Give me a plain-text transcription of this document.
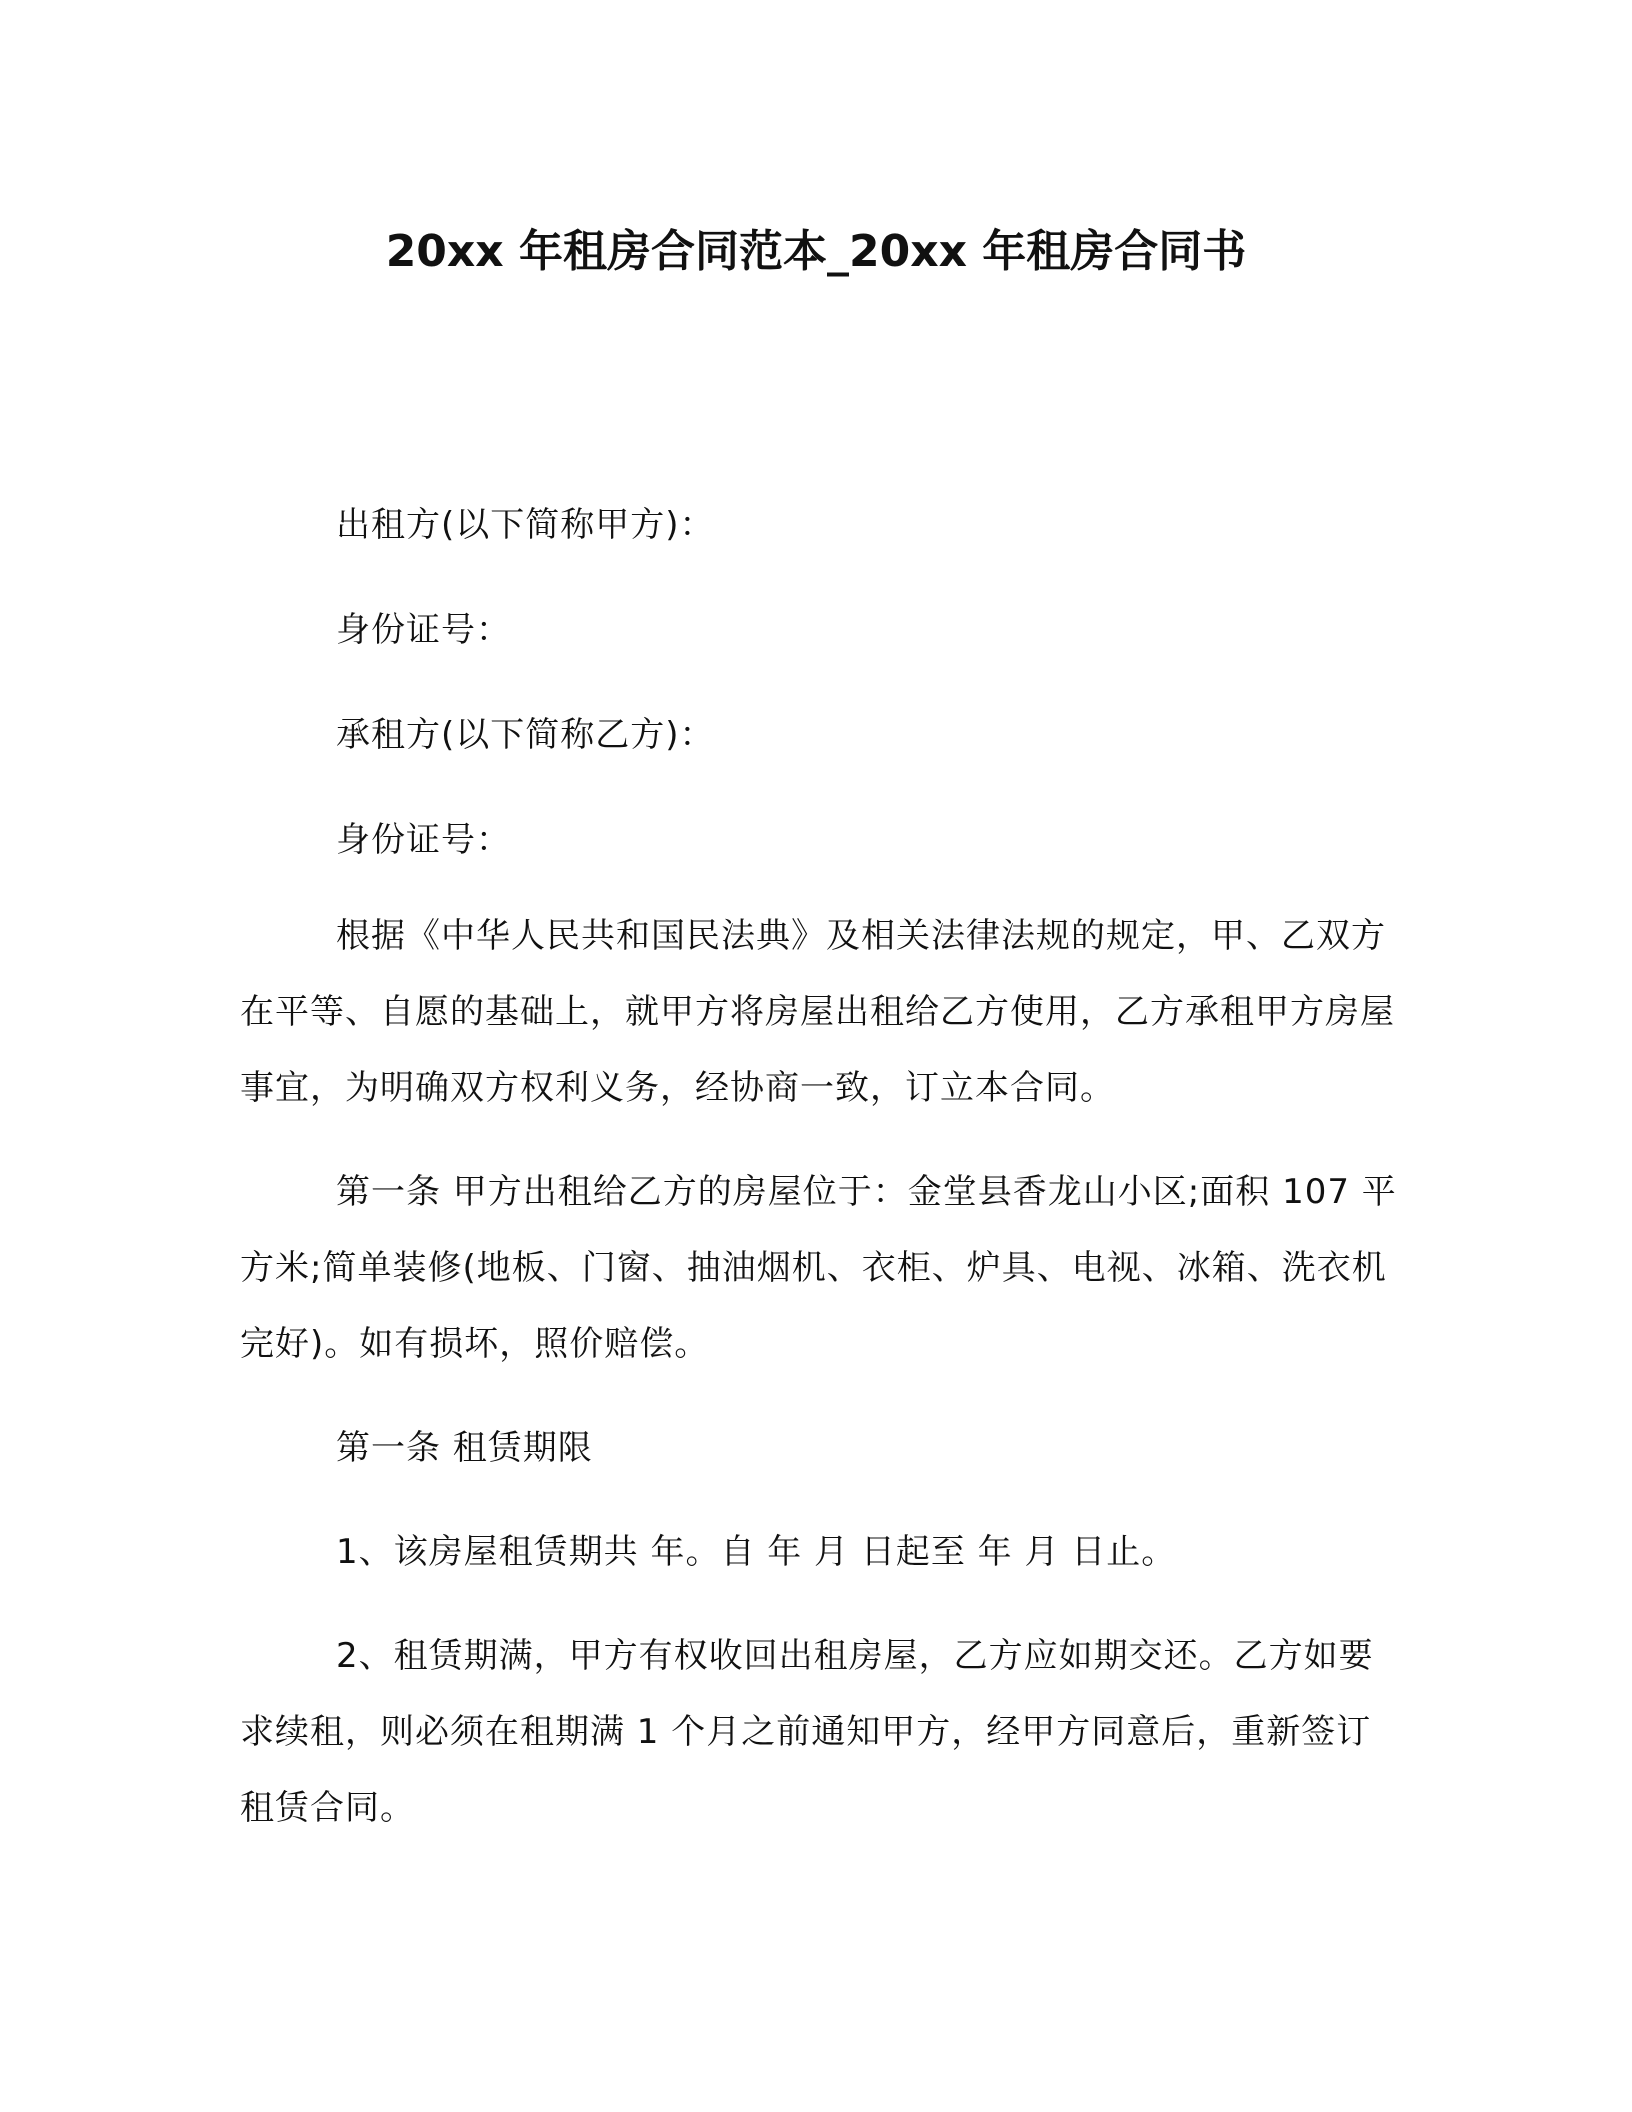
20xx 年租房合同范本_20xx 年租房合同书
出租方(以下简称甲方)：
身份证号：
承租方(以下简称乙方)：
身份证号：

根据《中华人民共和国民法典》及相关法律法规的规定，甲、乙双方在平等、自愿的基础上，就甲方将房屋出租给乙方使用，乙方承租甲方房屋事宜，为明确双方权利义务，经协商一致，订立本合同。

第一条 甲方出租给乙方的房屋位于：金堂县香龙山小区;面积 107 平方米;简单装修(地板、门窗、抽油烟机、衣柜、炉具、电视、冰箱、洗衣机完好)。如有损坏，照价赔偿。

第一条 租赁期限

1、该房屋租赁期共 年。自 年 月 日起至 年 月 日止。

2、租赁期满，甲方有权收回出租房屋，乙方应如期交还。乙方如要求续租，则必须在租期满 1 个月之前通知甲方，经甲方同意后，重新签订租赁合同。
